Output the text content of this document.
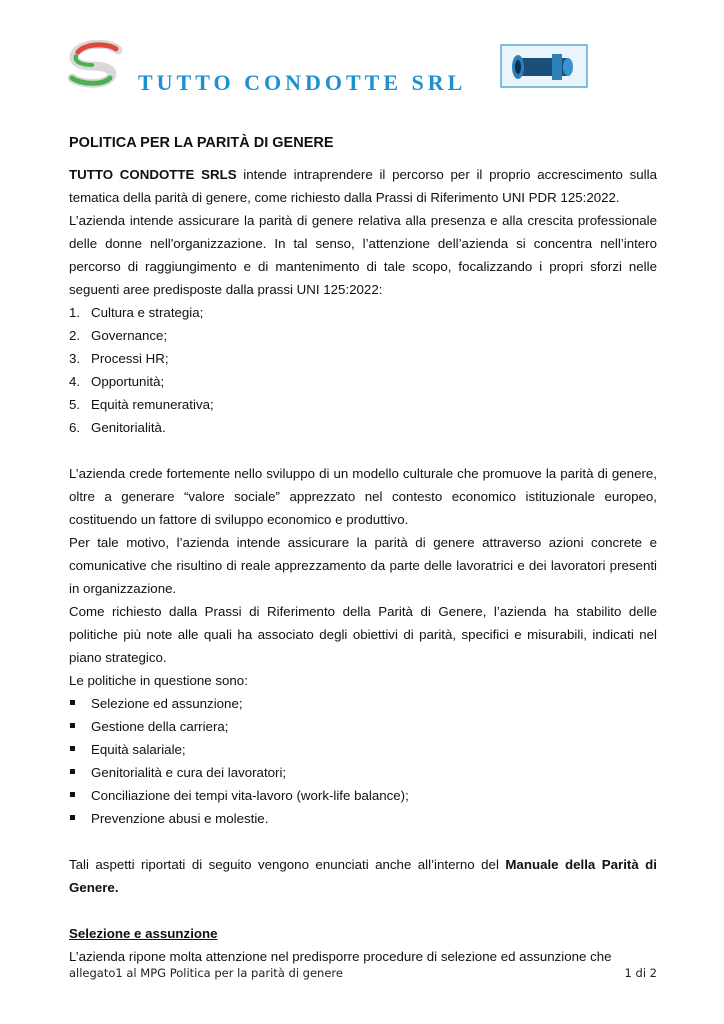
TUTTO CONDOTTE SRL
POLITICA PER LA PARITÀ DI GENERE

TUTTO CONDOTTE SRLS intende intraprendere il percorso per il proprio accrescimento sulla tematica della parità di genere, come richiesto dalla Prassi di Riferimento UNI PDR 125:2022.

L’azienda intende assicurare la parità di genere relativa alla presenza e alla crescita professionale delle donne nell'organizzazione. In tal senso, l’attenzione dell’azienda si concentra nell’intero percorso di raggiungimento e di mantenimento di tale scopo, focalizzando i propri sforzi nelle seguenti aree predisposte dalla prassi UNI 125:2022:

1. Cultura e strategia;
2. Governance;
3. Processi HR;
4. Opportunità;
5. Equità remunerativa;
6. Genitorialità.

L’azienda crede fortemente nello sviluppo di un modello culturale che promuove la parità di genere, oltre a generare “valore sociale” apprezzato nel contesto economico istituzionale europeo, costituendo un fattore di sviluppo economico e produttivo.

Per tale motivo, l’azienda intende assicurare la parità di genere attraverso azioni concrete e comunicative che risultino di reale apprezzamento da parte delle lavoratrici e dei lavoratori presenti in organizzazione.

Come richiesto dalla Prassi di Riferimento della Parità di Genere, l’azienda ha stabilito delle politiche più note alle quali ha associato degli obiettivi di parità, specifici e misurabili, indicati nel piano strategico.

Le politiche in questione sono:

Selezione ed assunzione;
Gestione della carriera;
Equità salariale;
Genitorialità e cura dei lavoratori;
Conciliazione dei tempi vita-lavoro (work-life balance);
Prevenzione abusi e molestie.

Tali aspetti riportati di seguito vengono enunciati anche all’interno del Manuale della Parità di Genere.

Selezione e assunzione

L’azienda ripone molta attenzione nel predisporre procedure di selezione ed assunzione che

allegato1 al MPG Politica per la parità di genere	1 di 2
